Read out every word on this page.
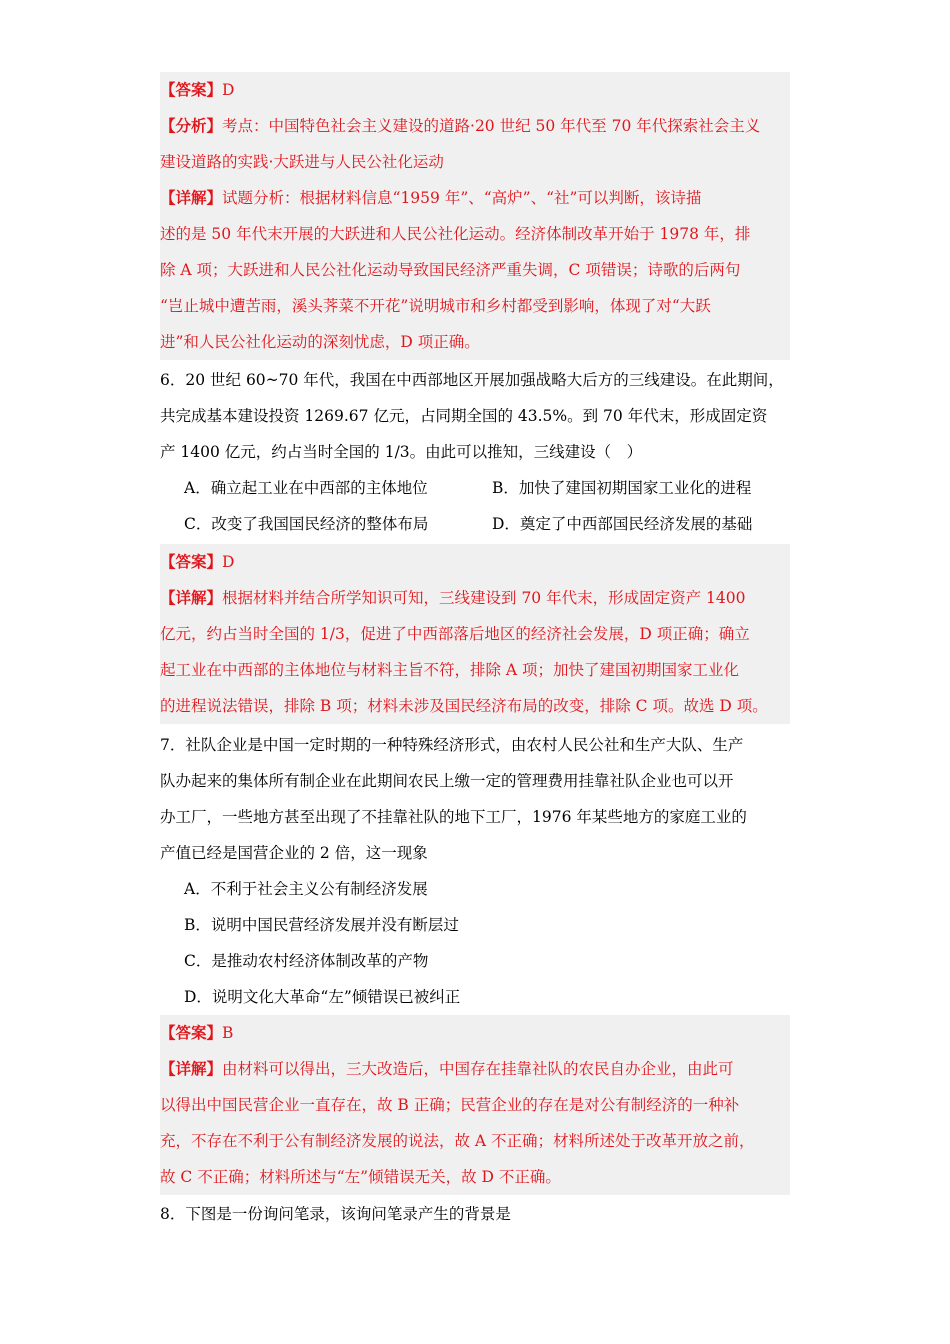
【答案】D
【分析】考点：中国特色社会主义建设的道路·20 世纪 50 年代至 70 年代探索社会主义
建设道路的实践·大跃进与人民公社化运动
【详解】试题分析：根据材料信息“1959 年”、“高炉”、“社”可以判断，该诗描
述的是 50 年代末开展的大跃进和人民公社化运动。经济体制改革开始于 1978 年，排
除 A 项；大跃进和人民公社化运动导致国民经济严重失调，C 项错误；诗歌的后两句
“岂止城中遭苦雨，溪头荠菜不开花”说明城市和乡村都受到影响，体现了对“大跃
进”和人民公社化运动的深刻忧虑，D 项正确。
6．20 世纪 60~70 年代，我国在中西部地区开展加强战略大后方的三线建设。在此期间，
共完成基本建设投资 1269.67 亿元，占同期全国的 43.5%。到 70 年代末，形成固定资
产 1400 亿元，约占当时全国的 1/3。由此可以推知，三线建设（　）
A．确立起工业在中西部的主体地位	B．加快了建国初期国家工业化的进程
C．改变了我国国民经济的整体布局	D．奠定了中西部国民经济发展的基础
【答案】D
【详解】根据材料并结合所学知识可知，三线建设到 70 年代末，形成固定资产 1400
亿元，约占当时全国的 1/3，促进了中西部落后地区的经济社会发展，D 项正确；确立
起工业在中西部的主体地位与材料主旨不符，排除 A 项；加快了建国初期国家工业化
的进程说法错误，排除 B 项；材料未涉及国民经济布局的改变，排除 C 项。故选 D 项。
7．社队企业是中国一定时期的一种特殊经济形式，由农村人民公社和生产大队、生产
队办起来的集体所有制企业在此期间农民上缴一定的管理费用挂靠社队企业也可以开
办工厂，一些地方甚至出现了不挂靠社队的地下工厂，1976 年某些地方的家庭工业的
产值已经是国营企业的 2 倍，这一现象
A．不利于社会主义公有制经济发展
B．说明中国民营经济发展并没有断层过
C．是推动农村经济体制改革的产物
D．说明文化大革命“左”倾错误已被纠正
【答案】B
【详解】由材料可以得出，三大改造后，中国存在挂靠社队的农民自办企业，由此可
以得出中国民营企业一直存在，故 B 正确；民营企业的存在是对公有制经济的一种补
充，不存在不利于公有制经济发展的说法，故 A 不正确；材料所述处于改革开放之前，
故 C 不正确；材料所述与“左”倾错误无关，故 D 不正确。
8．下图是一份询问笔录，该询问笔录产生的背景是
